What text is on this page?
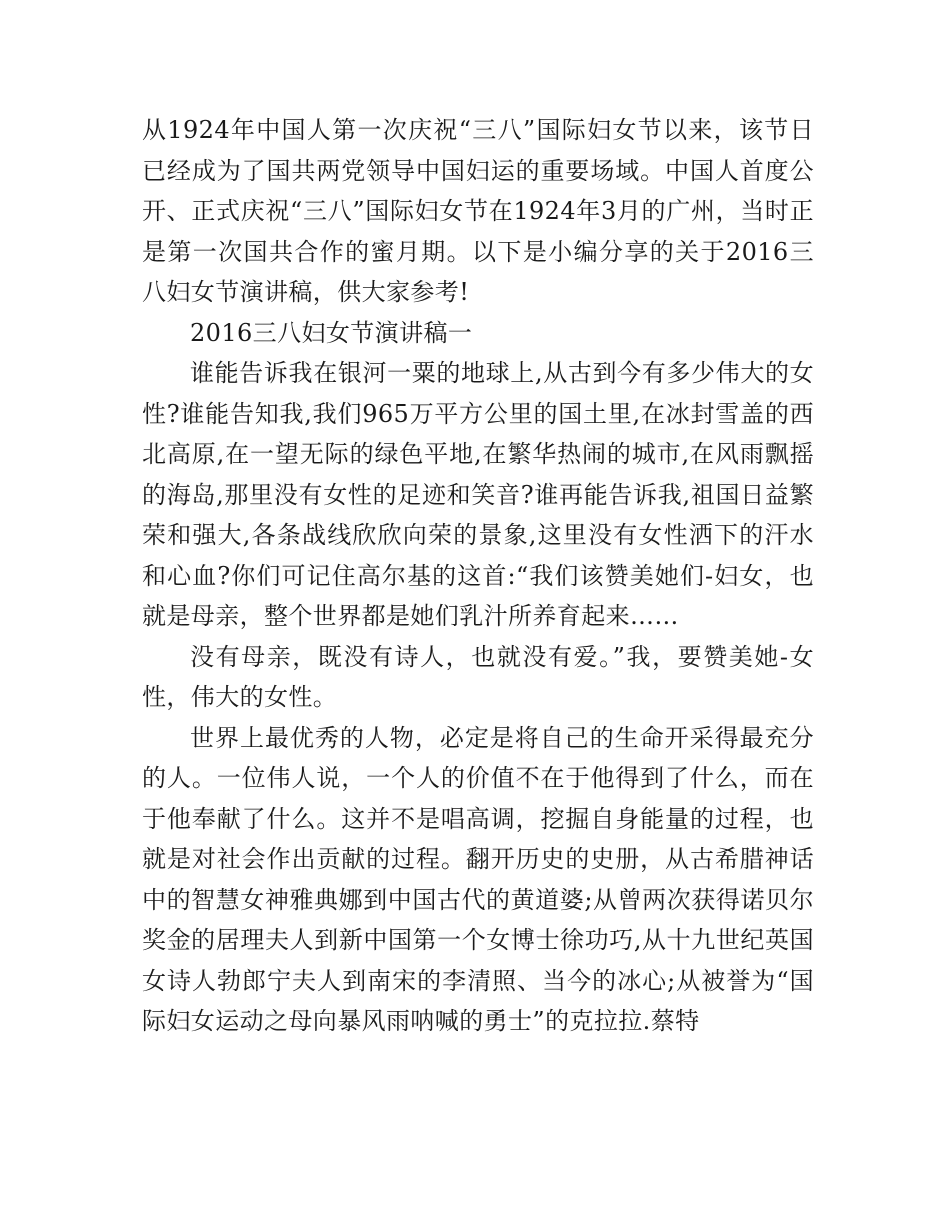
从1924年中国人第一次庆祝“三八”国际妇女节以来，该节日已经成为了国共两党领导中国妇运的重要场域。中国人首度公开、正式庆祝“三八”国际妇女节在1924年3月的广州，当时正是第一次国共合作的蜜月期。以下是小编分享的关于2016三八妇女节演讲稿，供大家参考!

2016三八妇女节演讲稿一

谁能告诉我在银河一粟的地球上,从古到今有多少伟大的女性?谁能告知我,我们965万平方公里的国土里,在冰封雪盖的西北高原,在一望无际的绿色平地,在繁华热闹的城市,在风雨飘摇的海岛,那里没有女性的足迹和笑音?谁再能告诉我,祖国日益繁荣和强大,各条战线欣欣向荣的景象,这里没有女性洒下的汗水和心血?你们可记住高尔基的这首:“我们该赞美她们-妇女，也就是母亲，整个世界都是她们乳汁所养育起来……

没有母亲，既没有诗人，也就没有爱。”我，要赞美她-女性，伟大的女性。

世界上最优秀的人物，必定是将自己的生命开采得最充分的人。一位伟人说，一个人的价值不在于他得到了什么，而在于他奉献了什么。这并不是唱高调，挖掘自身能量的过程，也就是对社会作出贡献的过程。翻开历史的史册，从古希腊神话中的智慧女神雅典娜到中国古代的黄道婆;从曾两次获得诺贝尔奖金的居理夫人到新中国第一个女博士徐功巧,从十九世纪英国女诗人勃郎宁夫人到南宋的李清照、当今的冰心;从被誉为“国际妇女运动之母向暴风雨呐喊的勇士”的克拉拉.蔡特
